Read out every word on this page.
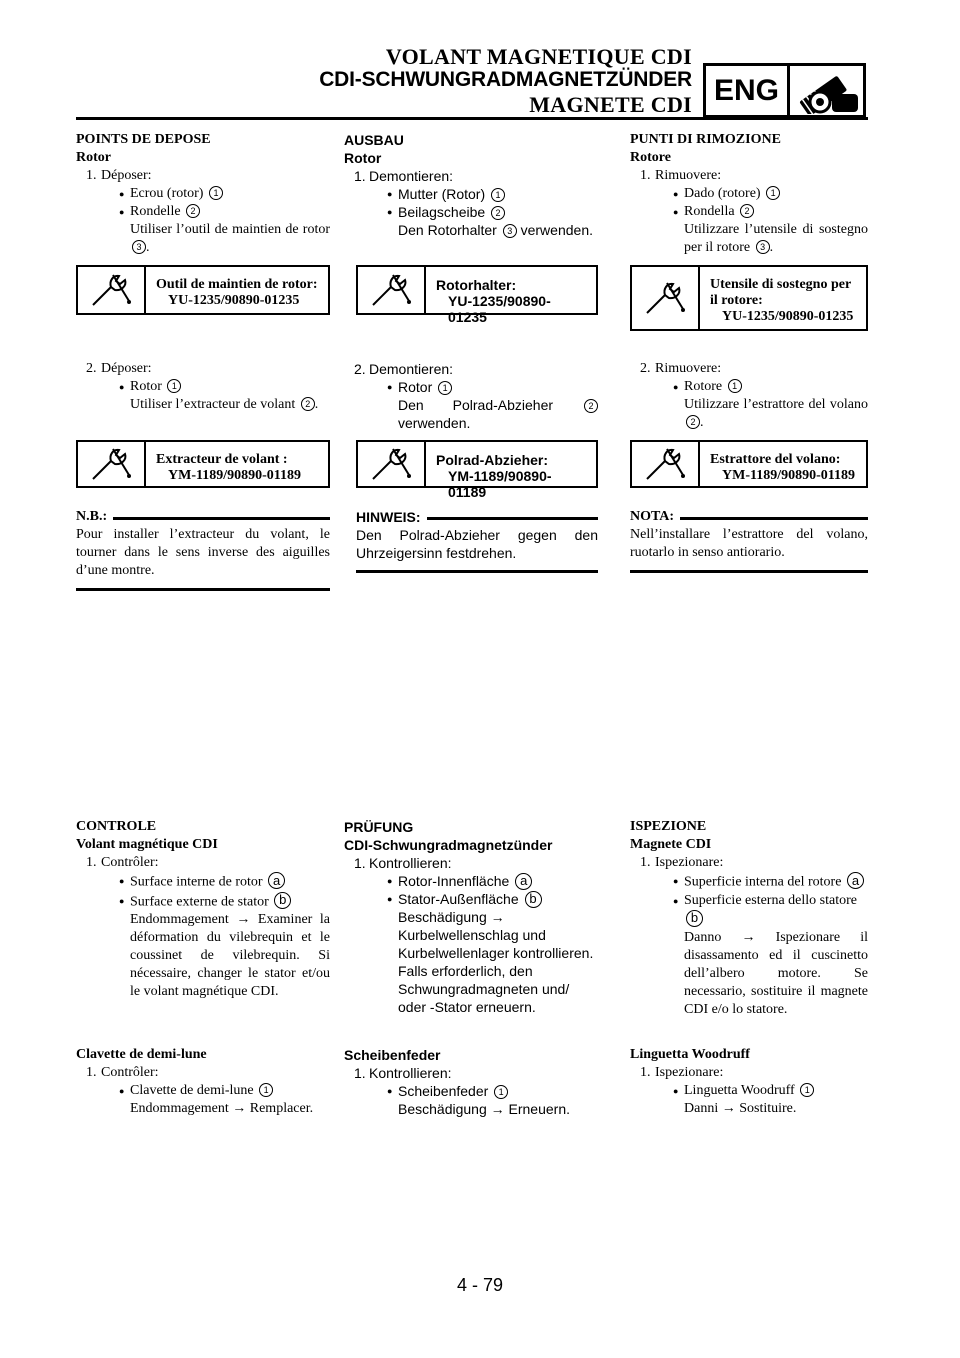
VOLANT MAGNETIQUE CDI
CDI-SCHWUNGRADMAGNETZÜNDER
MAGNETE CDI ENG
POINTS DE DEPOSE
Rotor
1. Déposer:
● Ecrou (rotor) 1
● Rondelle 2
Utiliser l’outil de maintien de rotor 3 .
Outil de maintien de rotor:
YU-1235/90890-01235
2. Déposer:
● Rotor 1
Utiliser l’extracteur de volant 2 .
Extracteur de volant :
YM-1189/90890-01189
N.B.:
Pour installer l’extracteur du volant, le tourner dans le sens inverse des aiguilles d’une montre.
AUSBAU
Rotor
1. Demontieren:
● Mutter (Rotor) 1
● Beilagscheibe 2
Den Rotorhalter 3 verwenden.
Rotorhalter:
YU-1235/90890-01235
2. Demontieren:
● Rotor 1
Den Polrad-Abzieher	2 verwenden.
Polrad-Abzieher:
YM-1189/90890-01189
HINWEIS:
Den Polrad-Abzieher gegen den Uhrzeigersinn festdrehen.
PUNTI DI RIMOZIONE
Rotore
1. Rimuovere:
● Dado (rotore) 1
● Rondella 2
Utilizzare l’utensile di sostegno per il rotore 3 .
Utensile di sostegno per il rotore:
YU-1235/90890-01235
2. Rimuovere:
● Rotore 1
Utilizzare l’estrattore del volano 2 .
Estrattore del volano:
YM-1189/90890-01189
NOTA:
Nell’installare l’estrattore del volano, ruotarlo in senso antiorario.
CONTROLE
Volant magnétique CDI
1. Contrôler:
● Surface interne de rotor a
● Surface externe de stator b
Endommagement → Examiner la déformation du vilebrequin et le coussinet de vilebrequin. Si nécessaire, changer le stator et/ou le volant magnétique CDI.
Clavette de demi-lune
1. Contrôler:
● Clavette de demi-lune 1
Endommagement → Remplacer.
PRÜFUNG
CDI-Schwungradmagnetzünder
1. Kontrollieren:
● Rotor-Innenfläche a
● Stator-Außenfläche b
Beschädigung → Kurbelwellenschlag und Kurbelwellenlager kontrollieren. Falls erforderlich, den Schwungradmagneten und/ oder -Stator erneuern.
Scheibenfeder
1. Kontrollieren:
● Scheibenfeder 1
Beschädigung → Erneuern.
ISPEZIONE
Magnete CDI
1. Ispezionare:
● Superficie interna del rotore a
● Superficie esterna dello statore b
Danno → Ispezionare il disassamento ed il cuscinetto dell’albero motore. Se necessario, sostituire il magnete CDI e/o lo statore.
Linguetta Woodruff
1. Ispezionare:
● Linguetta Woodruff 1
Danni → Sostituire.
4 - 79
